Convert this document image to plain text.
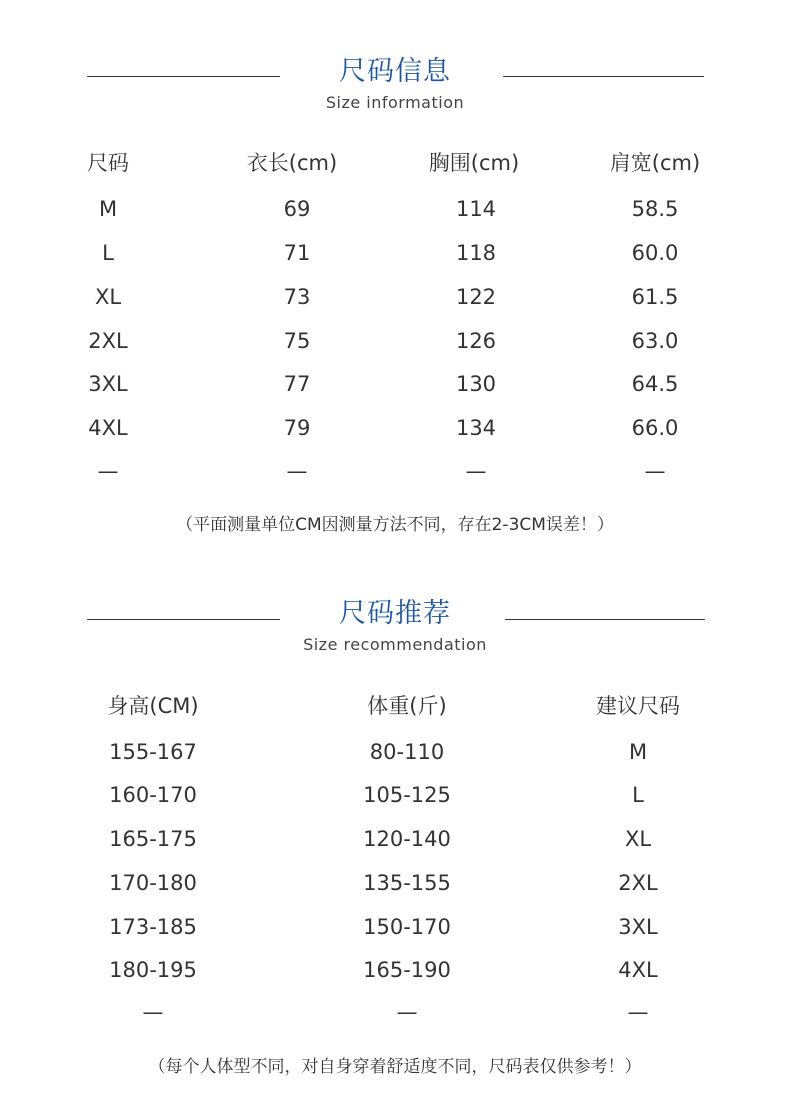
尺码信息
Size information
尺码	衣长(cm)	胸围(cm)	肩宽(cm)
M	69	114	58.5
L	71	118	60.0
XL	73	122	61.5
2XL	75	126	63.0
3XL	77	130	64.5
4XL	79	134	66.0
—	—	—	—
（平面测量单位CM因测量方法不同，存在2-3CM误差！）
尺码推荐
Size recommendation
身高(CM)	体重(斤)	建议尺码
155-167	80-110	M
160-170	105-125	L
165-175	120-140	XL
170-180	135-155	2XL
173-185	150-170	3XL
180-195	165-190	4XL
—	—	—
（每个人体型不同，对自身穿着舒适度不同，尺码表仅供参考！）
